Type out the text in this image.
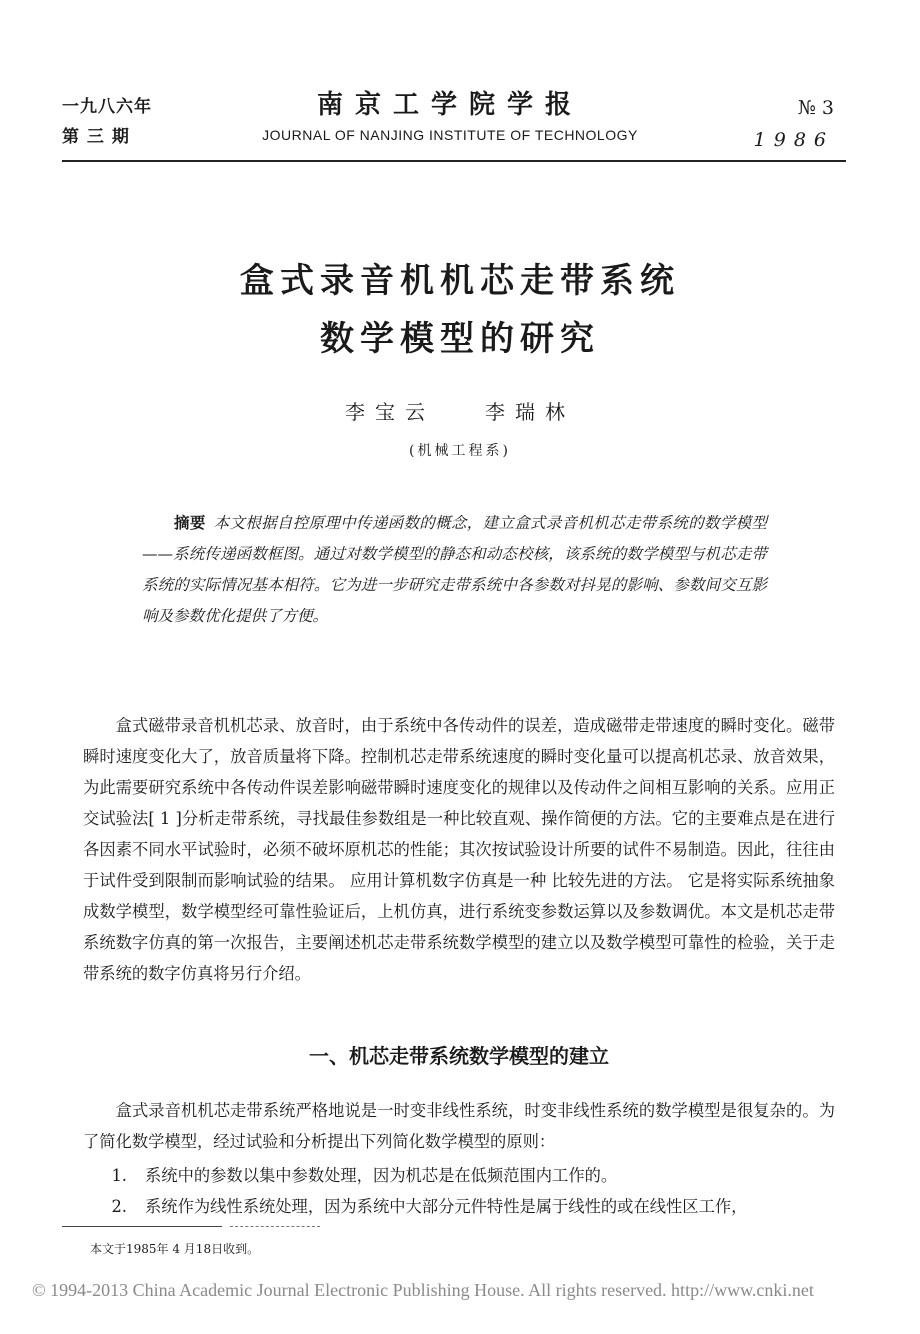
一九八六年
第 三 期
南京工学院学报
JOURNAL OF NANJING INSTITUTE OF TECHNOLOGY
№ 3
1986
盒式录音机机芯走带系统
数学模型的研究
李宝云	李瑞林
(机械工程系)
摘要 本文根据自控原理中传递函数的概念，建立盒式录音机机芯走带系统的数学模型——系统传递函数框图。通过对数学模型的静态和动态校核，该系统的数学模型与机芯走带系统的实际情况基本相符。它为进一步研究走带系统中各参数对抖晃的影响、参数间交互影响及参数优化提供了方便。

盒式磁带录音机机芯录、放音时，由于系统中各传动件的误差，造成磁带走带速度的瞬时变化。磁带瞬时速度变化大了，放音质量将下降。控制机芯走带系统速度的瞬时变化量可以提高机芯录、放音效果，为此需要研究系统中各传动件误差影响磁带瞬时速度变化的规律以及传动件之间相互影响的关系。应用正交试验法[ 1 ]分析走带系统，寻找最佳参数组是一种比较直观、操作简便的方法。它的主要难点是在进行各因素不同水平试验时，必须不破坏原机芯的性能；其次按试验设计所要的试件不易制造。因此，往往由于试件受到限制而影响试验的结果。 应用计算机数字仿真是一种 比较先进的方法。 它是将实际系统抽象成数学模型，数学模型经可靠性验证后，上机仿真，进行系统变参数运算以及参数调优。本文是机芯走带系统数字仿真的第一次报告，主要阐述机芯走带系统数学模型的建立以及数学模型可靠性的检验，关于走带系统的数字仿真将另行介绍。

一、机芯走带系统数学模型的建立

盒式录音机机芯走带系统严格地说是一时变非线性系统，时变非线性系统的数学模型是很复杂的。为了简化数学模型，经过试验和分析提出下列简化数学模型的原则：

1.	系统中的参数以集中参数处理，因为机芯是在低频范围内工作的。
2.	系统作为线性系统处理，因为系统中大部分元件特性是属于线性的或在线性区工作，
本文于1985年 4 月18日收到。
© 1994-2013 China Academic Journal Electronic Publishing House. All rights reserved. http://www.cnki.net
